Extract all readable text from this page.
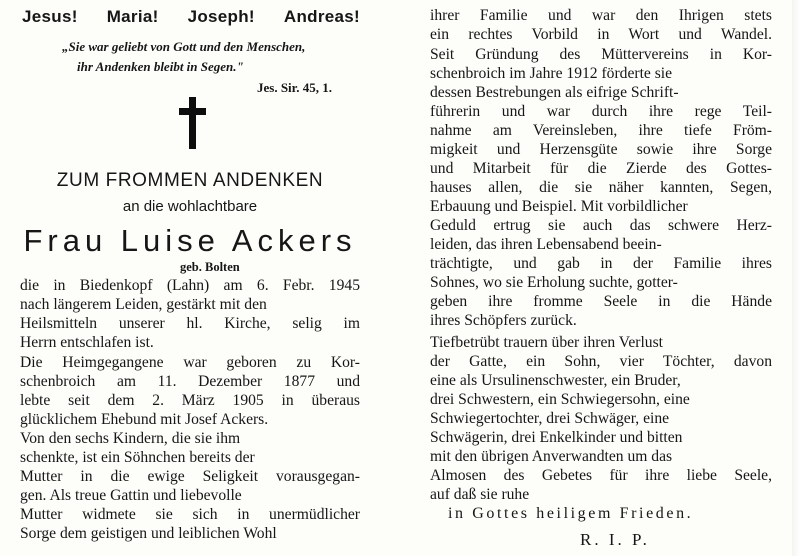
Jesus! Maria! Joseph! Andreas!
„Sie war geliebt von Gott und den Menschen,
ihr Andenken bleibt in Segen."
Jes. Sir. 45, 1.
ZUM FROMMEN ANDENKEN
an die wohlachtbare
Frau Luise Ackers
geb. Bolten
die in Biedenkopf (Lahn) am 6. Febr. 1945
nach längerem Leiden, gestärkt mit den
Heilsmitteln unserer hl. Kirche, selig im
Herrn entschlafen ist.
Die Heimgegangene war geboren zu Kor-
schenbroich am 11. Dezember 1877 und
lebte seit dem 2. März 1905 in überaus
glücklichem Ehebund mit Josef Ackers.
Von den sechs Kindern, die sie ihm
schenkte, ist ein Söhnchen bereits der
Mutter in die ewige Seligkeit vorausgegan-
gen. Als treue Gattin und liebevolle
Mutter widmete sie sich in unermüdlicher
Sorge dem geistigen und leiblichen Wohl
ihrer Familie und war den Ihrigen stets
ein rechtes Vorbild in Wort und Wandel.
Seit Gründung des Müttervereins in Kor-
schenbroich im Jahre 1912 förderte sie
dessen Bestrebungen als eifrige Schrift-
führerin und war durch ihre rege Teil-
nahme am Vereinsleben, ihre tiefe Fröm-
migkeit und Herzensgüte sowie ihre Sorge
und Mitarbeit für die Zierde des Gottes-
hauses allen, die sie näher kannten, Segen,
Erbauung und Beispiel. Mit vorbildlicher
Geduld ertrug sie auch das schwere Herz-
leiden, das ihren Lebensabend beein-
trächtigte, und gab in der Familie ihres
Sohnes, wo sie Erholung suchte, gotter-
geben ihre fromme Seele in die Hände
ihres Schöpfers zurück.
Tiefbetrübt trauern über ihren Verlust
der Gatte, ein Sohn, vier Töchter, davon
eine als Ursulinenschwester, ein Bruder,
drei Schwestern, ein Schwiegersohn, eine
Schwiegertochter, drei Schwäger, eine
Schwägerin, drei Enkelkinder und bitten
mit den übrigen Anverwandten um das
Almosen des Gebetes für ihre liebe Seele,
auf daß sie ruhe
in Gottes heiligem Frieden.
R. I. P.
